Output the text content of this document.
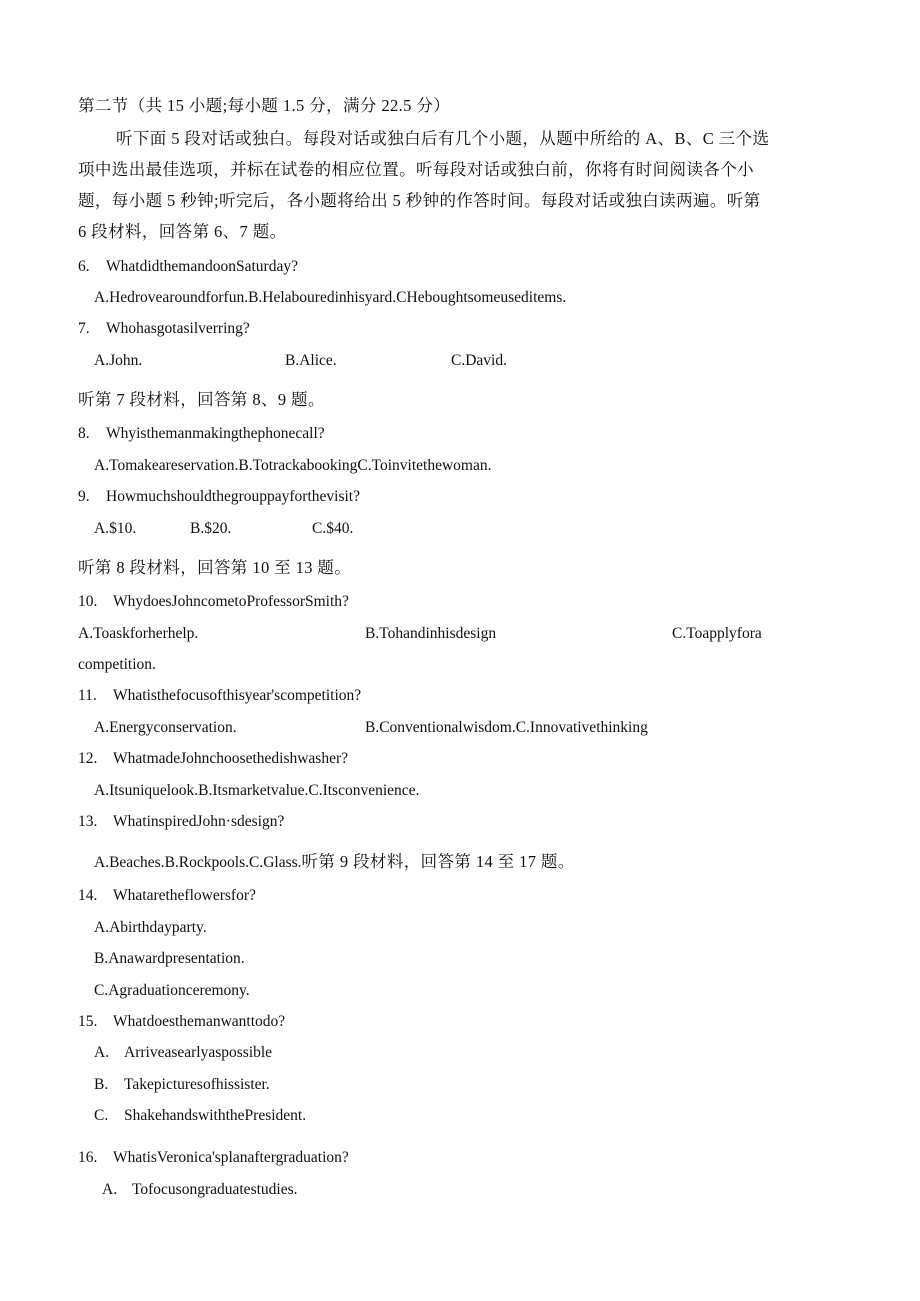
第二节（共 15 小题;每小题 1.5 分，满分 22.5 分）

听下面 5 段对话或独白。每段对话或独白后有几个小题，从题中所给的 A、B、C 三个选

项中选出最佳选项，并标在试卷的相应位置。听每段对话或独白前，你将有时间阅读各个小

题，每小题 5 秒钟;听完后，各小题将给出 5 秒钟的作答时间。每段对话或独白读两遍。听第

6 段材料，回答第 6、7 题。

6. WhatdidthemandoonSaturday?
A.Hedrovearoundforfun.B.Helabouredinhisyard.CHeboughtsomeuseditems.
7. Whohasgotasilverring?
A.John.	B.Alice.	C.David.
听第 7 段材料，回答第 8、9 题。
8. Whyisthemanmakingthephonecall?
A.Tomakeareservation.B.TotrackabookingC.Toinvitethewoman.
9. Howmuchshouldthegrouppayforthevisit?
A.$10.	B.$20.	C.$40.
听第 8 段材料，回答第 10 至 13 题。
10. WhydoesJohncometoProfessorSmith?
A.Toaskforherhelp.	B.Tohandinhisdesign	C.Toapplyfora
competition.
11. Whatisthefocusofthisyear'scompetition?
A.Energyconservation.	B.Conventionalwisdom.C.Innovativethinking
12. WhatmadeJohnchoosethedishwasher?
A.Itsuniquelook.B.Itsmarketvalue.C.Itsconvenience.
13. WhatinspiredJohn·sdesign?
A.Beaches.B.Rockpools.C.Glass.听第 9 段材料，回答第 14 至 17 题。
14. Whataretheflowersfor?
A.Abirthdayparty.
B.Anawardpresentation.
C.Agraduationceremony.
15. Whatdoesthemanwanttodo?
A. Arriveasearlyaspossible
B. Takepicturesofhissister.
C. ShakehandswiththePresident.
16. WhatisVeronica'splanaftergraduation?
A. Tofocusongraduatestudies.
